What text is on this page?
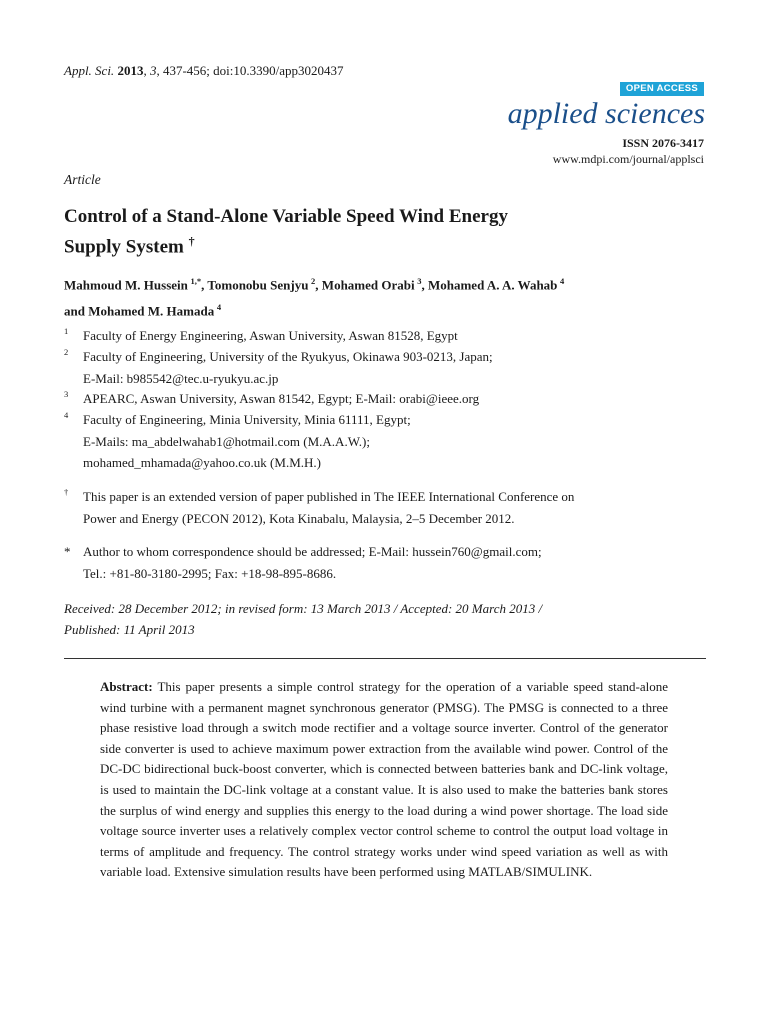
Appl. Sci. 2013, 3, 437-456; doi:10.3390/app3020437
OPEN ACCESS
applied sciences
ISSN 2076-3417
www.mdpi.com/journal/applsci
Article
Control of a Stand-Alone Variable Speed Wind Energy
Supply System †
Mahmoud M. Hussein  $^{1,*}$, Tomonobu Senjyu  $^2$, Mohamed Orabi  $^3$, Mohamed A. A. Wahab  $^4$
and Mohamed M. Hamada  $^4$
1 Faculty of Energy Engineering, Aswan University, Aswan 81528, Egypt
2 Faculty of Engineering, University of the Ryukyus, Okinawa 903-0213, Japan;
E-Mail: b985542@tec.u-ryukyu.ac.jp
3 APEARC, Aswan University, Aswan 81542, Egypt; E-Mail: orabi@ieee.org
4 Faculty of Engineering, Minia University, Minia 61111, Egypt;
E-Mails: ma_abdelwahab1@hotmail.com (M.A.A.W.);
mohamed_mhamada@yahoo.co.uk (M.M.H.)
† This paper is an extended version of paper published in The IEEE International Conference on
Power and Energy (PECON 2012), Kota Kinabalu, Malaysia, 2–5 December 2012.
* Author to whom correspondence should be addressed; E-Mail: hussein760@gmail.com;
Tel.: +81-80-3180-2995; Fax: +18-98-895-8686.
Received: 28 December 2012; in revised form: 13 March 2013 / Accepted: 20 March 2013 /
Published: 11 April 2013
Abstract: This paper presents a simple control strategy for the operation of a variable speed stand-alone wind turbine with a permanent magnet synchronous generator (PMSG). The PMSG is connected to a three phase resistive load through a switch mode rectifier and a voltage source inverter. Control of the generator side converter is used to achieve maximum power extraction from the available wind power. Control of the DC-DC bidirectional buck-boost converter, which is connected between batteries bank and DC-link voltage, is used to maintain the DC-link voltage at a constant value. It is also used to make the batteries bank stores the surplus of wind energy and supplies this energy to the load during a wind power shortage. The load side voltage source inverter uses a relatively complex vector control scheme to control the output load voltage in terms of amplitude and frequency. The control strategy works under wind speed variation as well as with variable load. Extensive simulation results have been performed using MATLAB/SIMULINK.
